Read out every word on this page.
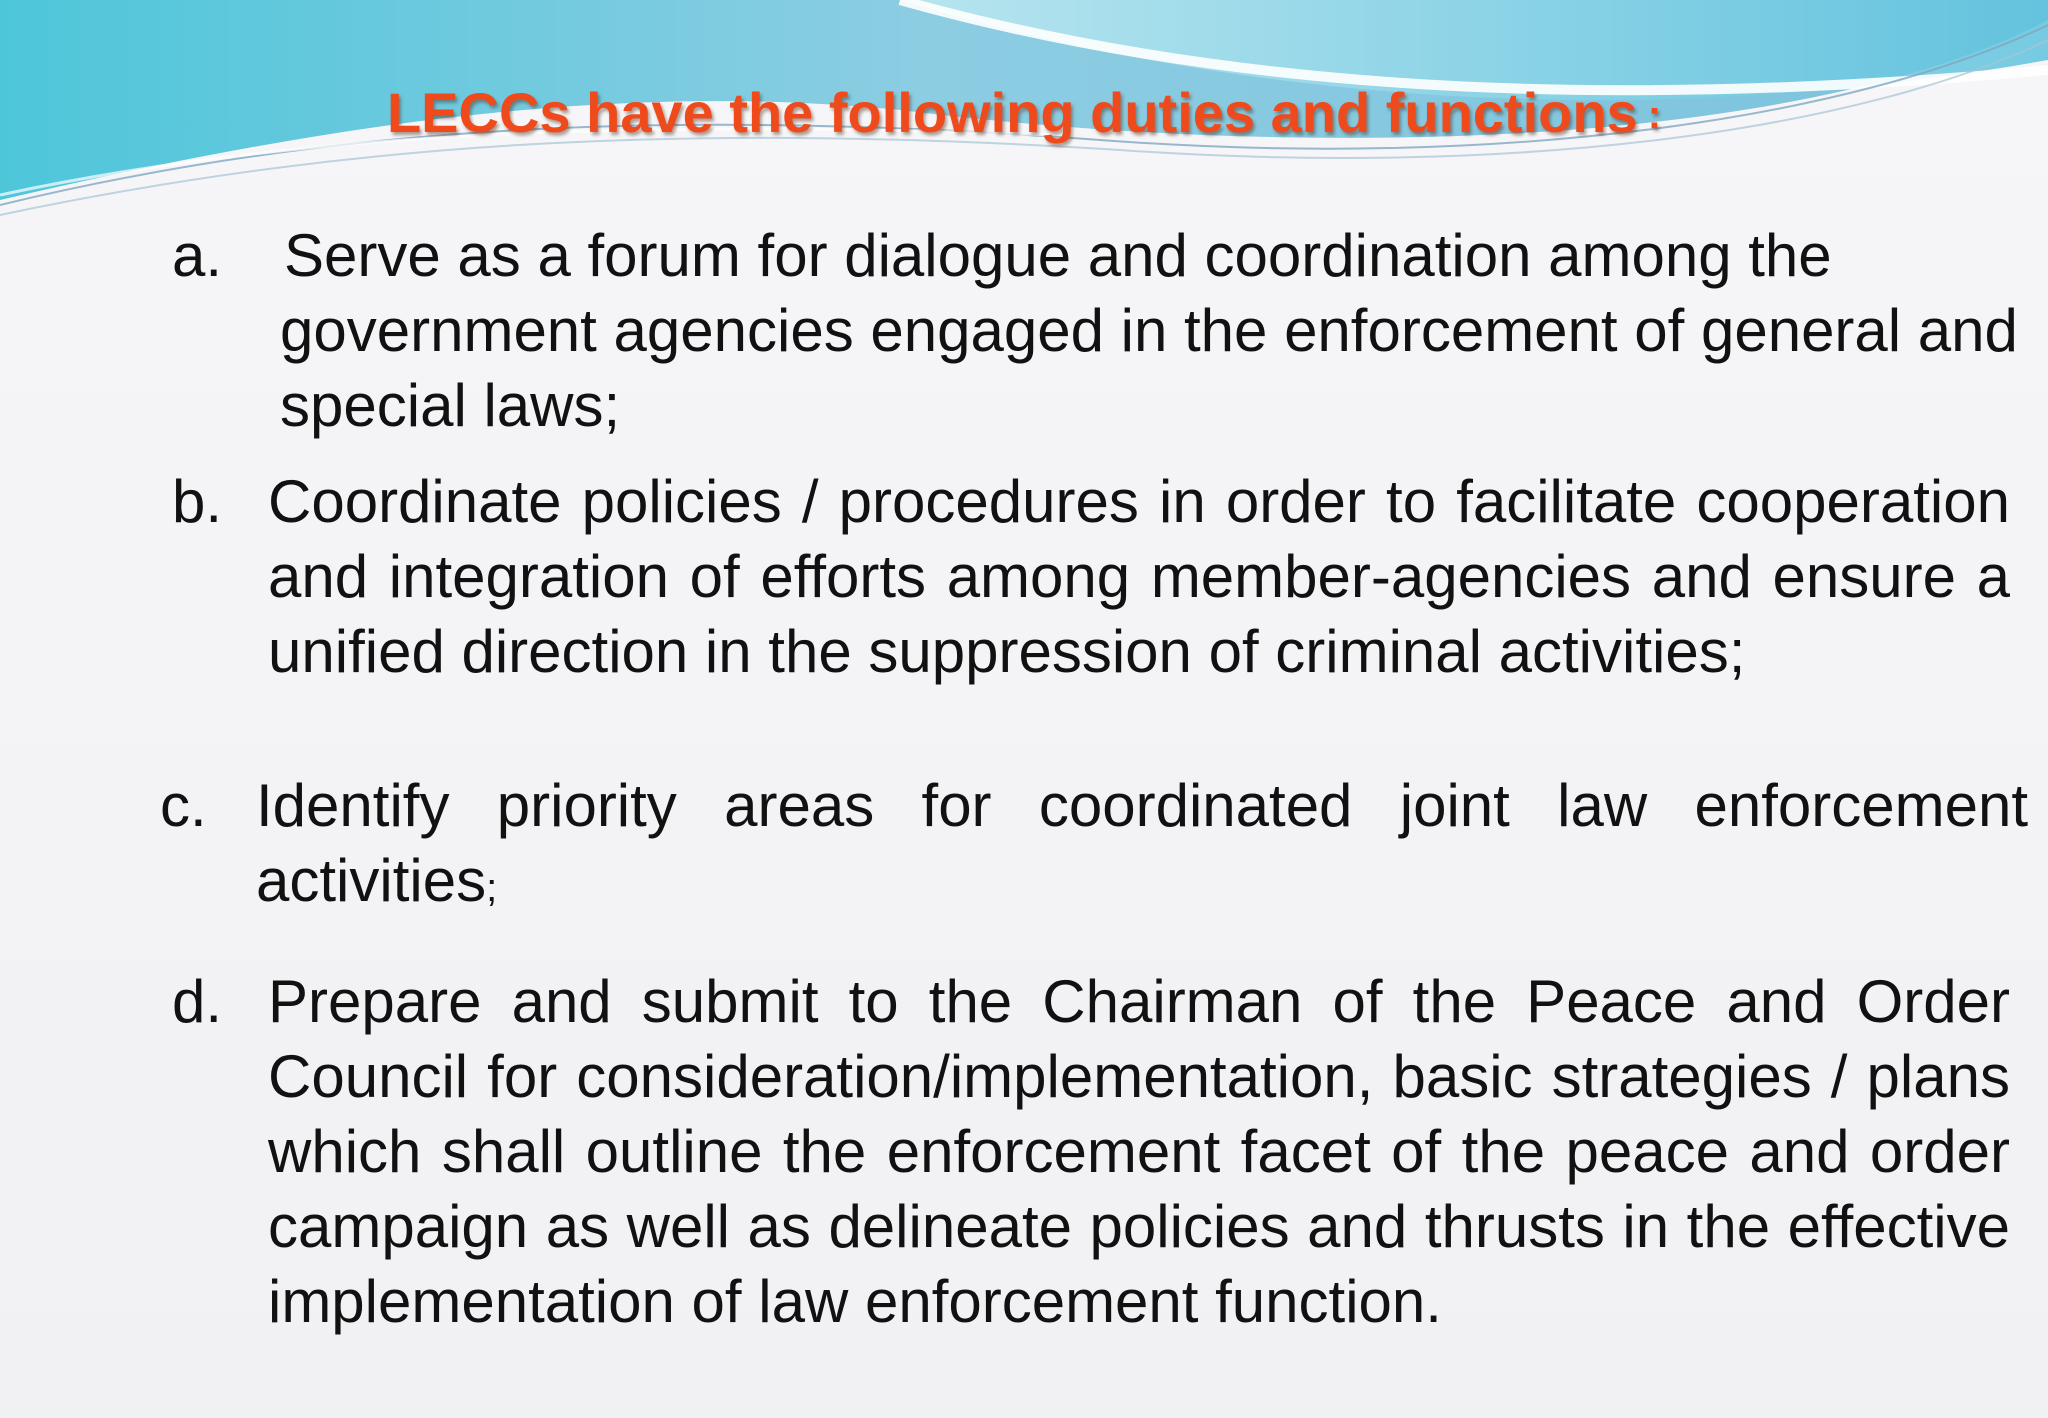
LECCs have the following duties and functions :
a. Serve as a forum for dialogue and coordination among the government agencies engaged in the enforcement of general and special laws;
b. Coordinate policies / procedures in order to facilitate cooperation and integration of efforts among member-agencies and ensure a unified direction in the suppression of criminal activities;
c. Identify priority areas for coordinated joint law enforcement activities;
d. Prepare and submit to the Chairman of the Peace and Order Council for consideration/implementation, basic strategies / plans which shall outline the enforcement facet of the peace and order campaign as well as delineate policies and thrusts in the effective implementation of law enforcement function.
